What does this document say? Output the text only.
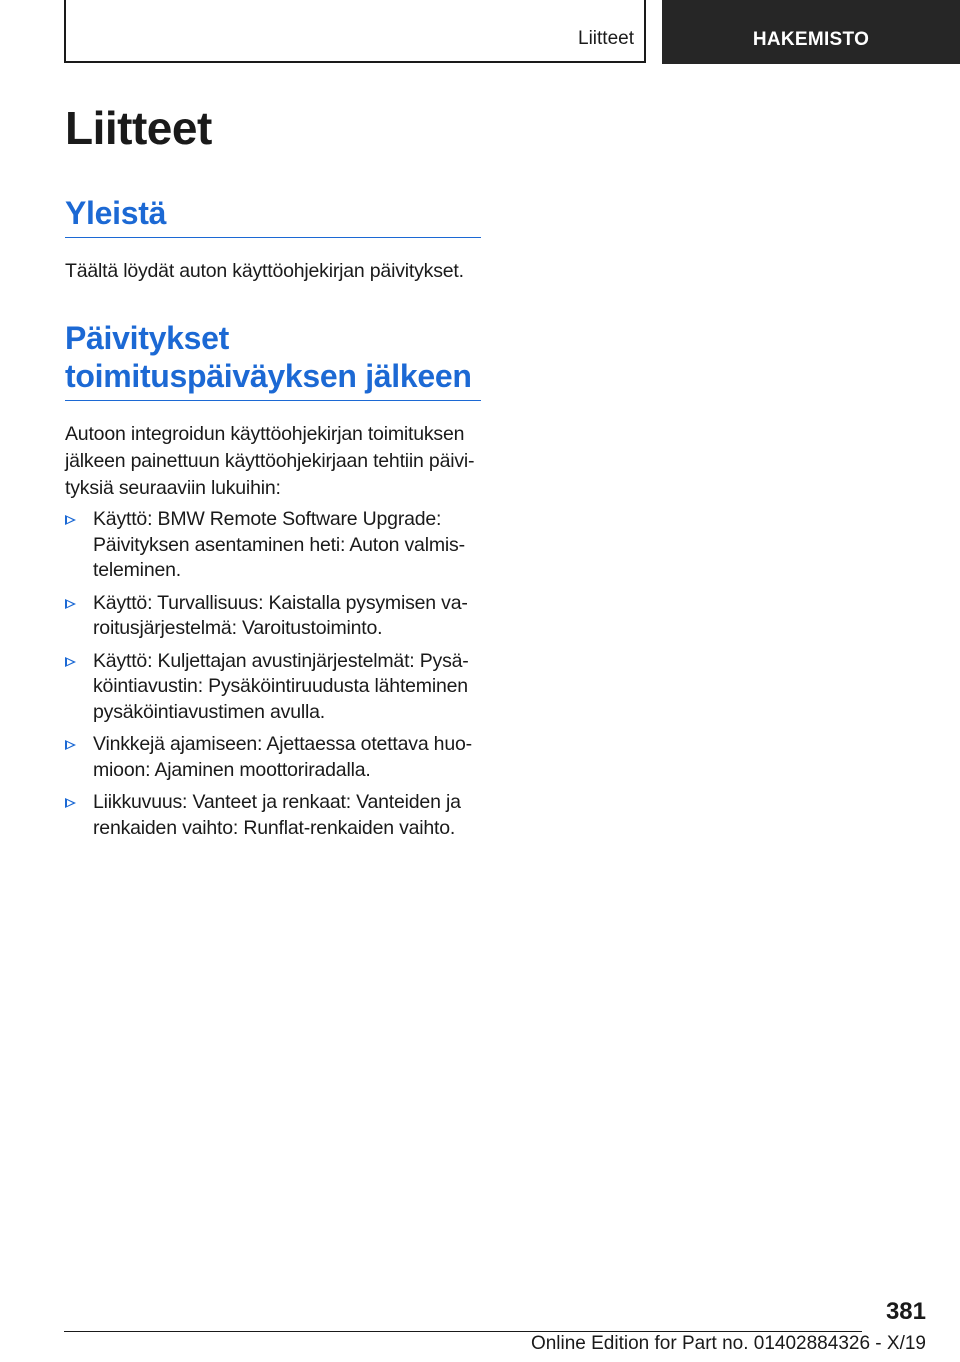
Liitteet	HAKEMISTO
Liitteet
Yleistä

Täältä löydät auton käyttöohjekirjan päivitykset.

Päivitykset
toimituspäiväyksen jälkeen

Autoon integroidun käyttöohjekirjan toimituksen jälkeen painettuun käyttöohjekirjaan tehtiin päivityksiä seuraaviin lukuihin:

Käyttö: BMW Remote Software Upgrade: Päivityksen asentaminen heti: Auton valmisteleminen.
Käyttö: Turvallisuus: Kaistalla pysymisen varoitusjärjestelmä: Varoitustoiminto.
Käyttö: Kuljettajan avustinjärjestelmät: Pysäköintiavustin: Pysäköintiruudusta lähteminen pysäköintiavustimen avulla.
Vinkkejä ajamiseen: Ajettaessa otettava huomioon: Ajaminen moottoriradalla.
Liikkuvuus: Vanteet ja renkaat: Vanteiden ja renkaiden vaihto: Runflat-renkaiden vaihto.
381
Online Edition for Part no. 01402884326 - X/19
